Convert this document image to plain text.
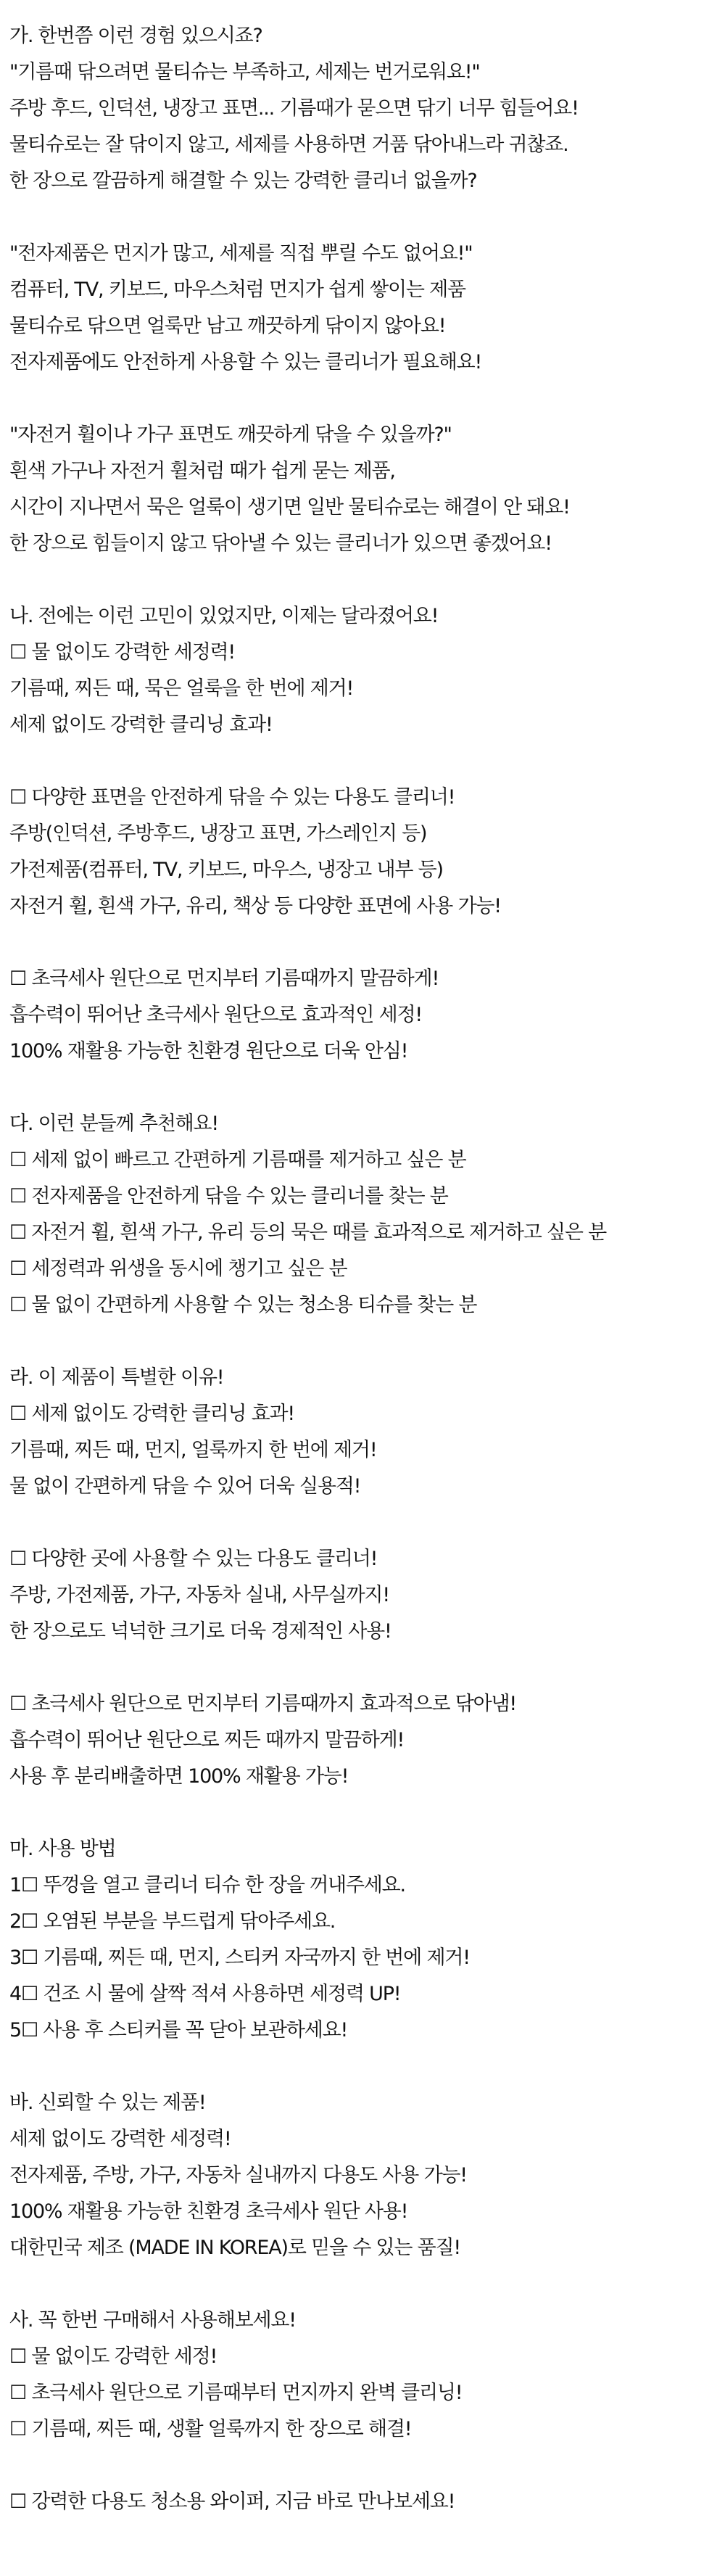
가. 한번쯤 이런 경험 있으시죠?
"기름때 닦으려면 물티슈는 부족하고, 세제는 번거로워요!"
주방 후드, 인덕션, 냉장고 표면... 기름때가 묻으면 닦기 너무 힘들어요!
물티슈로는 잘 닦이지 않고, 세제를 사용하면 거품 닦아내느라 귀찮죠.
한 장으로 깔끔하게 해결할 수 있는 강력한 클리너 없을까?
"전자제품은 먼지가 많고, 세제를 직접 뿌릴 수도 없어요!"
컴퓨터, TV, 키보드, 마우스처럼 먼지가 쉽게 쌓이는 제품
물티슈로 닦으면 얼룩만 남고 깨끗하게 닦이지 않아요!
전자제품에도 안전하게 사용할 수 있는 클리너가 필요해요!
"자전거 휠이나 가구 표면도 깨끗하게 닦을 수 있을까?"
흰색 가구나 자전거 휠처럼 때가 쉽게 묻는 제품,
시간이 지나면서 묵은 얼룩이 생기면 일반 물티슈로는 해결이 안 돼요!
한 장으로 힘들이지 않고 닦아낼 수 있는 클리너가 있으면 좋겠어요!
나. 전에는 이런 고민이 있었지만, 이제는 달라졌어요!
☐ 물 없이도 강력한 세정력!
기름때, 찌든 때, 묵은 얼룩을 한 번에 제거!
세제 없이도 강력한 클리닝 효과!
☐ 다양한 표면을 안전하게 닦을 수 있는 다용도 클리너!
주방(인덕션, 주방후드, 냉장고 표면, 가스레인지 등)
가전제품(컴퓨터, TV, 키보드, 마우스, 냉장고 내부 등)
자전거 휠, 흰색 가구, 유리, 책상 등 다양한 표면에 사용 가능!
☐ 초극세사 원단으로 먼지부터 기름때까지 말끔하게!
흡수력이 뛰어난 초극세사 원단으로 효과적인 세정!
100% 재활용 가능한 친환경 원단으로 더욱 안심!
다. 이런 분들께 추천해요!
☐ 세제 없이 빠르고 간편하게 기름때를 제거하고 싶은 분
☐ 전자제품을 안전하게 닦을 수 있는 클리너를 찾는 분
☐ 자전거 휠, 흰색 가구, 유리 등의 묵은 때를 효과적으로 제거하고 싶은 분
☐ 세정력과 위생을 동시에 챙기고 싶은 분
☐ 물 없이 간편하게 사용할 수 있는 청소용 티슈를 찾는 분
라. 이 제품이 특별한 이유!
☐ 세제 없이도 강력한 클리닝 효과!
기름때, 찌든 때, 먼지, 얼룩까지 한 번에 제거!
물 없이 간편하게 닦을 수 있어 더욱 실용적!
☐ 다양한 곳에 사용할 수 있는 다용도 클리너!
주방, 가전제품, 가구, 자동차 실내, 사무실까지!
한 장으로도 넉넉한 크기로 더욱 경제적인 사용!
☐ 초극세사 원단으로 먼지부터 기름때까지 효과적으로 닦아냄!
흡수력이 뛰어난 원단으로 찌든 때까지 말끔하게!
사용 후 분리배출하면 100% 재활용 가능!
마. 사용 방법
1☐ 뚜껑을 열고 클리너 티슈 한 장을 꺼내주세요.
2☐ 오염된 부분을 부드럽게 닦아주세요.
3☐ 기름때, 찌든 때, 먼지, 스티커 자국까지 한 번에 제거!
4☐ 건조 시 물에 살짝 적셔 사용하면 세정력 UP!
5☐ 사용 후 스티커를 꼭 닫아 보관하세요!
바. 신뢰할 수 있는 제품!
세제 없이도 강력한 세정력!
전자제품, 주방, 가구, 자동차 실내까지 다용도 사용 가능!
100% 재활용 가능한 친환경 초극세사 원단 사용!
대한민국 제조 (MADE IN KOREA)로 믿을 수 있는 품질!
사. 꼭 한번 구매해서 사용해보세요!
☐ 물 없이도 강력한 세정!
☐ 초극세사 원단으로 기름때부터 먼지까지 완벽 클리닝!
☐ 기름때, 찌든 때, 생활 얼룩까지 한 장으로 해결!
☐ 강력한 다용도 청소용 와이퍼, 지금 바로 만나보세요!
